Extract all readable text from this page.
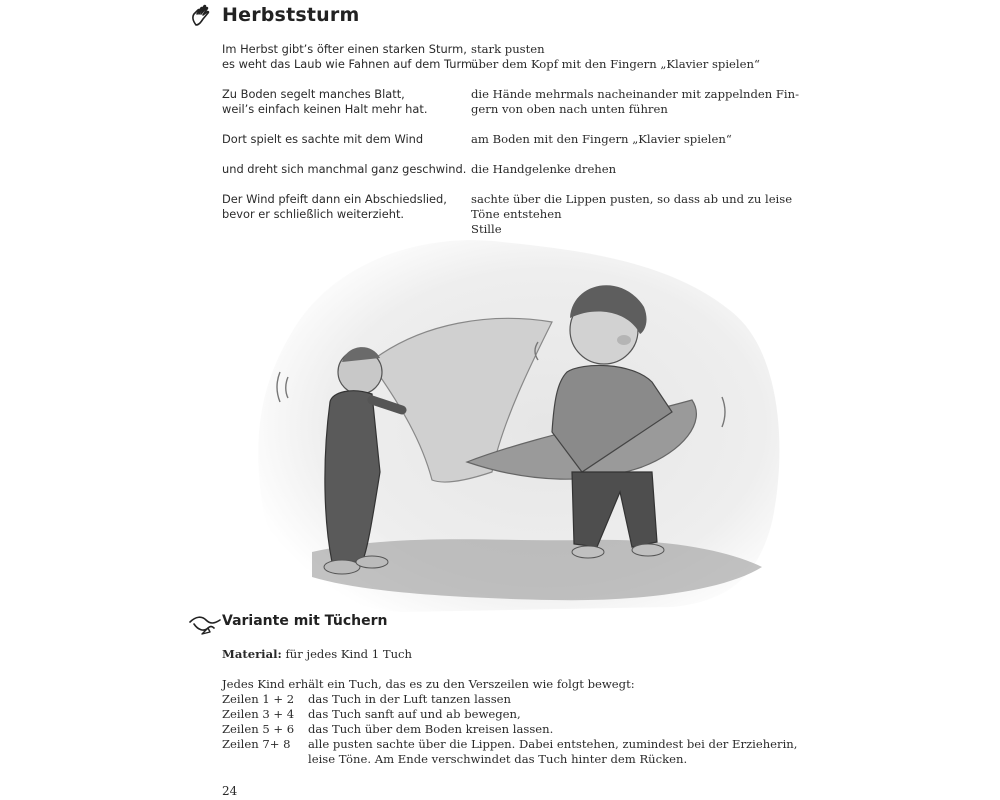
Herbststurm
Im Herbst gibt’s öfter einen starken Sturm,
es weht das Laub wie Fahnen auf dem Turm.
stark pusten
über dem Kopf mit den Fingern „Klavier spielen“
Zu Boden segelt manches Blatt,
weil’s einfach keinen Halt mehr hat.
die Hände mehrmals nacheinander mit zappelnden Fin-
gern von oben nach unten führen
Dort spielt es sachte mit dem Wind	am Boden mit den Fingern „Klavier spielen“
und dreht sich manchmal ganz geschwind. die Handgelenke drehen
Der Wind pfeift dann ein Abschiedslied,
bevor er schließlich weiterzieht.
sachte über die Lippen pusten, so dass ab und zu leise
Töne entstehen
Stille
Variante mit Tüchern
Material: für jedes Kind 1 Tuch
Jedes Kind erhält ein Tuch, das es zu den Verszeilen wie folgt bewegt:
Zeilen 1 + 2 das Tuch in der Luft tanzen lassen
Zeilen 3 + 4 das Tuch sanft auf und ab bewegen,
Zeilen 5 + 6 das Tuch über dem Boden kreisen lassen.
Zeilen 7+ 8 alle pusten sachte über die Lippen. Dabei entstehen, zumindest bei der Erzieherin,
leise Töne. Am Ende verschwindet das Tuch hinter dem Rücken.
24
